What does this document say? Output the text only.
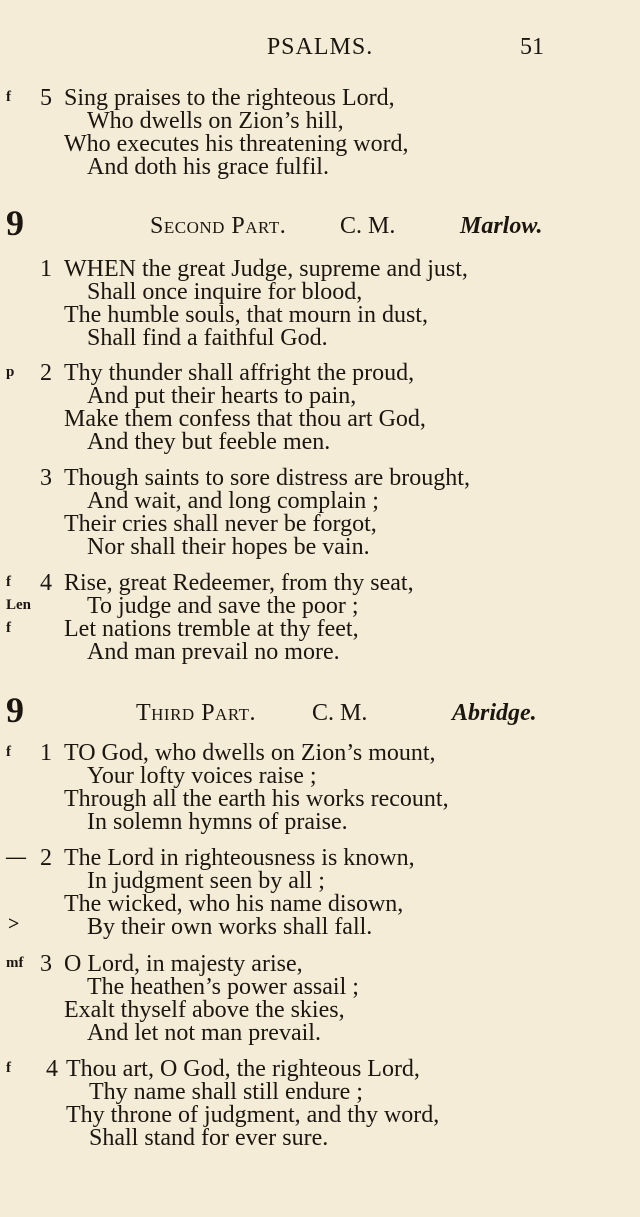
PSALMS.	51
f 5 Sing praises to the righteous Lord,
Who dwells on Zion’s hill,
Who executes his threatening word,
And doth his grace fulfil.
9	Second Part. C. M.	Marlow.
1 WHEN the great Judge, supreme and just,
Shall once inquire for blood,
The humble souls, that mourn in dust,
Shall find a faithful God.
p 2 Thy thunder shall affright the proud,
And put their hearts to pain,
Make them confess that thou art God,
And they but feeble men.
3 Though saints to sore distress are brought,
And wait, and long complain ;
Their cries shall never be forgot,
Nor shall their hopes be vain.
f 4 Rise, great Redeemer, from thy seat,
Len To judge and save the poor ;
f Let nations tremble at thy feet,
And man prevail no more.
9	Third Part. C. M.	Abridge.
f 1 TO God, who dwells on Zion’s mount,
Your lofty voices raise ;
Through all the earth his works recount,
In solemn hymns of praise.
— 2 The Lord in righteousness is known,
In judgment seen by all ;
The wicked, who his name disown,
>	By their own works shall fall.
mf 3 O Lord, in majesty arise,
The heathen’s power assail ;
Exalt thyself above the skies,
And let not man prevail.
f 4 Thou art, O God, the righteous Lord,
Thy name shall still endure ;
Thy throne of judgment, and thy word,
Shall stand for ever sure.
